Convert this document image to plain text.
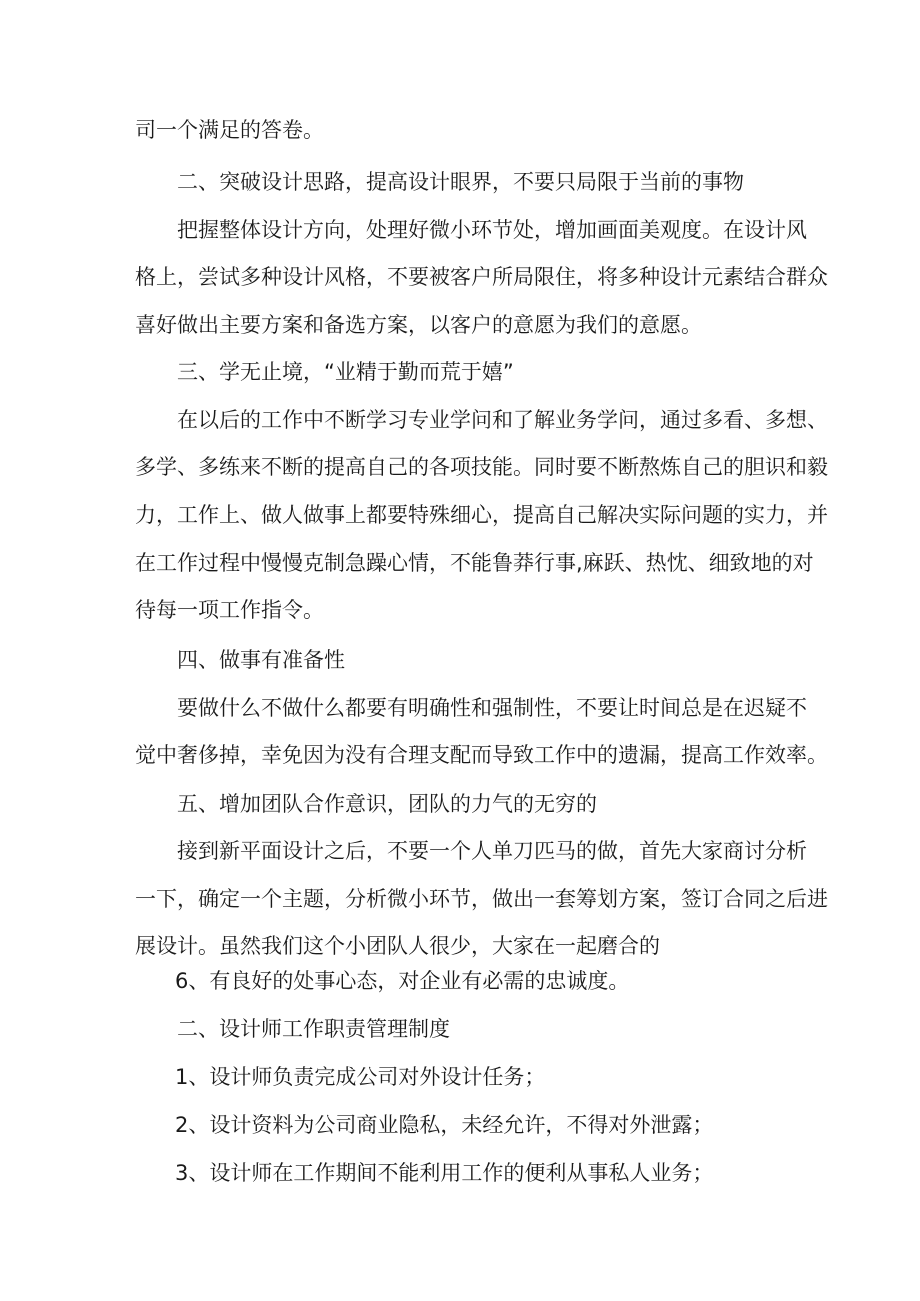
司一个满足的答卷。
二、突破设计思路，提高设计眼界，不要只局限于当前的事物
把握整体设计方向，处理好微小环节处，增加画面美观度。在设计风
格上，尝试多种设计风格，不要被客户所局限住，将多种设计元素结合群众
喜好做出主要方案和备选方案，以客户的意愿为我们的意愿。
三、学无止境，“业精于勤而荒于嬉”
在以后的工作中不断学习专业学问和了解业务学问，通过多看、多想、
多学、多练来不断的提高自己的各项技能。同时要不断熬炼自己的胆识和毅
力，工作上、做人做事上都要特殊细心，提高自己解决实际问题的实力，并
在工作过程中慢慢克制急躁心情，不能鲁莽行事,麻跃、热忱、细致地的对
待每一项工作指令。
四、做事有准备性
要做什么不做什么都要有明确性和强制性，不要让时间总是在迟疑不
觉中奢侈掉，幸免因为没有合理支配而导致工作中的遗漏，提高工作效率。
五、增加团队合作意识，团队的力气的无穷的
接到新平面设计之后，不要一个人单刀匹马的做，首先大家商讨分析
一下，确定一个主题，分析微小环节，做出一套筹划方案，签订合同之后进
展设计。虽然我们这个小团队人很少，大家在一起磨合的
6、有良好的处事心态，对企业有必需的忠诚度。
二、设计师工作职责管理制度
1、设计师负责完成公司对外设计任务；
2、设计资料为公司商业隐私，未经允许，不得对外泄露；
3、设计师在工作期间不能利用工作的便利从事私人业务；
